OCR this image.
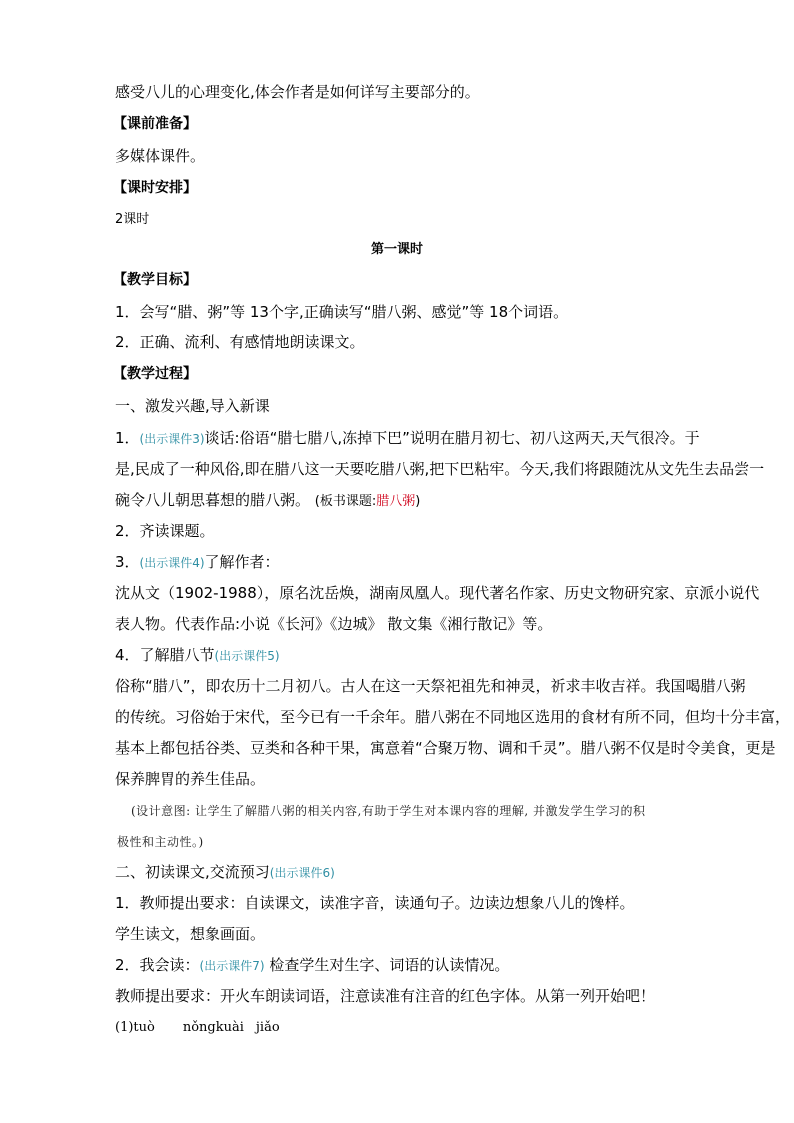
感受八儿的心理变化,体会作者是如何详写主要部分的。
【课前准备】
多媒体课件。
【课时安排】
2课时
第一课时
【教学目标】
1．会写“腊、粥”等 13个字,正确读写“腊八粥、感觉”等 18个词语。
2．正确、流利、有感情地朗读课文。
【教学过程】
一、激发兴趣,导入新课
1．(出示课件3)谈话:俗语“腊七腊八,冻掉下巴”说明在腊月初七、初八这两天,天气很冷。于
是,民成了一种风俗,即在腊八这一天要吃腊八粥,把下巴粘牢。今天,我们将跟随沈从文先生去品尝一
碗令八儿朝思暮想的腊八粥。 (板书课题:腊八粥)
2．齐读课题。
3．(出示课件4)了解作者：
沈从文（1902-1988），原名沈岳焕，湖南凤凰人。现代著名作家、历史文物研究家、京派小说代
表人物。代表作品:小说《长河》《边城》 散文集《湘行散记》等。
4．了解腊八节(出示课件5)
俗称“腊八”，即农历十二月初八。古人在这一天祭祀祖先和神灵，祈求丰收吉祥。我国喝腊八粥
的传统。习俗始于宋代，至今已有一千余年。腊八粥在不同地区选用的食材有所不同，但均十分丰富，
基本上都包括谷类、豆类和各种干果，寓意着“合聚万物、调和千灵”。腊八粥不仅是时令美食，更是
保养脾胃的养生佳品。
(设计意图: 让学生了解腊八粥的相关内容,有助于学生对本课内容的理解, 并激发学生学习的积
极性和主动性。)
二、初读课文,交流预习(出示课件6)
1．教师提出要求：自读课文，读准字音，读通句子。边读边想象八儿的馋样。
学生读文，想象画面。
2．我会读：(出示课件7) 检查学生对生字、词语的认读情况。
教师提出要求：开火车朗读词语，注意读准有注音的红色字体。从第一列开始吧！
(1)tuò nǒngkuài jiǎo
